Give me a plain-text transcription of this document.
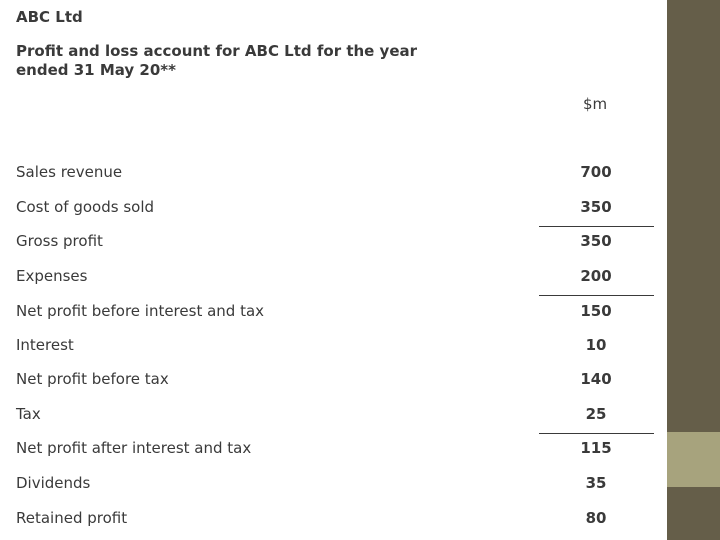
ABC Ltd
Profit and loss account for ABC Ltd for the year
ended 31 May 20**
$m
Sales revenue	700
Cost of goods sold	350
Gross profit	350
Expenses	200
Net profit before interest and tax	150
Interest	10
Net profit before tax	140
Tax	25
Net profit after interest and tax	115
Dividends	35
Retained profit	80
